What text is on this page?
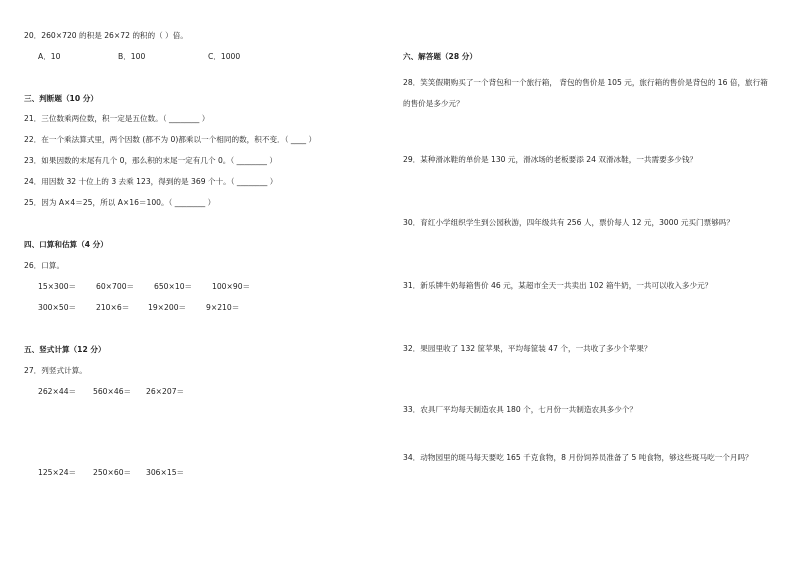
20．260×720 的积是 26×72 的积的（ ）倍。
A．10	B．100	C．1000
三、判断题（10 分）
21．三位数乘两位数，积一定是五位数。（ ________ ）
22．在一个乘法算式里，两个因数 (都不为 0)都乘以一个相同的数，积不变．（ ____ ）
23．如果因数的末尾有几个 0，那么积的末尾一定有几个 0。（ ________ ）
24．用因数 32 十位上的 3 去乘 123，得到的是 369 个十。（ ________ ）
25．因为 A×4＝25，所以 A×16＝100。（ ________ ）
四、口算和估算（4 分）
26．口算。
15×300＝	60×700＝	650×10＝	100×90＝
300×50＝	210×6＝ 19×200＝	9×210＝
五、竖式计算（12 分）
27．列竖式计算。
262×44＝ 560×46＝ 26×207＝
125×24＝ 250×60＝ 306×15＝
六、解答题（28 分）
28．笑笑假期购买了一个背包和一个旅行箱， 背包的售价是 105 元，旅行箱的售价是背包的 16 倍，旅行箱的售价是多少元？
29．某种滑冰鞋的单价是 130 元，滑冰场的老板要添 24 双滑冰鞋，一共需要多少钱？
30．育红小学组织学生到公园秋游，四年级共有 256 人，票价每人 12 元，3000 元买门票够吗？
31．新乐牌牛奶每箱售价 46 元，某超市全天一共卖出 102 箱牛奶，一共可以收入多少元？
32．果园里收了 132 筐苹果，平均每筐装 47 个，一共收了多少个苹果？
33．农具厂平均每天制造农具 180 个，七月份一共制造农具多少个？
34．动物园里的斑马每天要吃 165 千克食物，8 月份饲养员准备了 5 吨食物，够这些斑马吃一个月吗？
